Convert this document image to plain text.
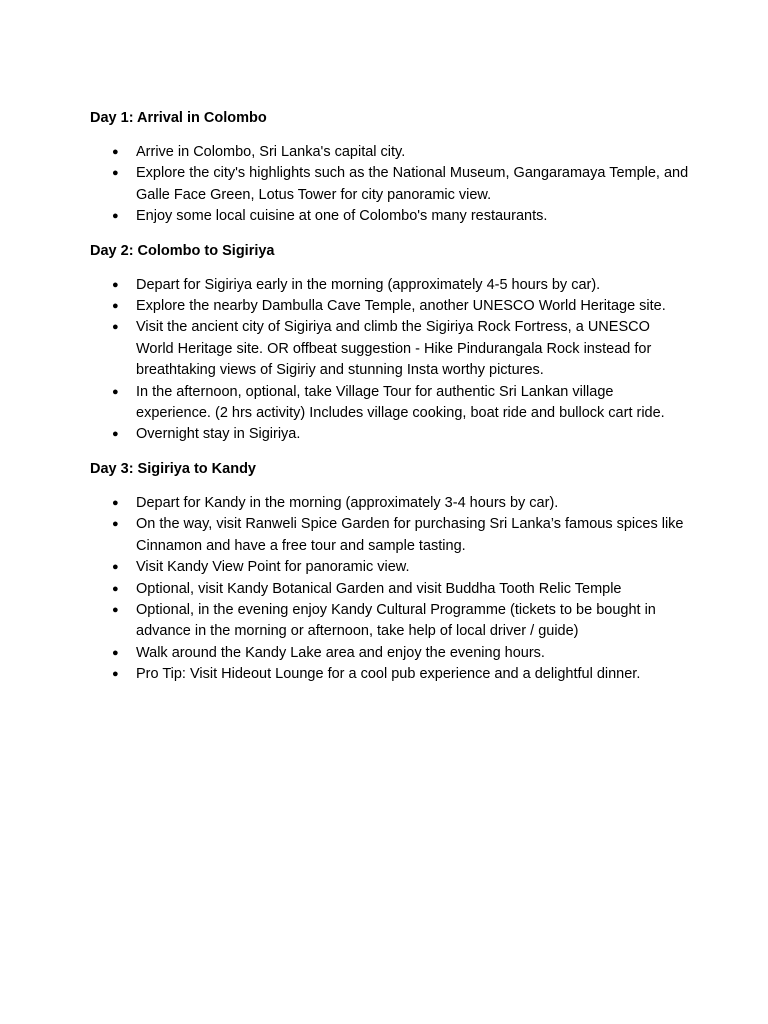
Day 1: Arrival in Colombo
● Arrive in Colombo, Sri Lanka's capital city.
● Explore the city's highlights such as the National Museum, Gangaramaya Temple, and Galle Face Green, Lotus Tower for city panoramic view.
● Enjoy some local cuisine at one of Colombo's many restaurants.
Day 2: Colombo to Sigiriya
● Depart for Sigiriya early in the morning (approximately 4-5 hours by car).
● Explore the nearby Dambulla Cave Temple, another UNESCO World Heritage site.
● Visit the ancient city of Sigiriya and climb the Sigiriya Rock Fortress, a UNESCO World Heritage site. OR offbeat suggestion - Hike Pindurangala Rock instead for breathtaking views of Sigiriy and stunning Insta worthy pictures.
● In the afternoon, optional, take Village Tour for authentic Sri Lankan village experience. (2 hrs activity) Includes village cooking, boat ride and bullock cart ride.
● Overnight stay in Sigiriya.
Day 3: Sigiriya to Kandy
● Depart for Kandy in the morning (approximately 3-4 hours by car).
● On the way, visit Ranweli Spice Garden for purchasing Sri Lanka’s famous spices like Cinnamon and have a free tour and sample tasting.
● Visit Kandy View Point for panoramic view.
● Optional, visit Kandy Botanical Garden and visit Buddha Tooth Relic Temple
● Optional, in the evening enjoy Kandy Cultural Programme (tickets to be bought in advance in the morning or afternoon, take help of local driver / guide)
● Walk around the Kandy Lake area and enjoy the evening hours.
● Pro Tip: Visit Hideout Lounge for a cool pub experience and a delightful dinner.
